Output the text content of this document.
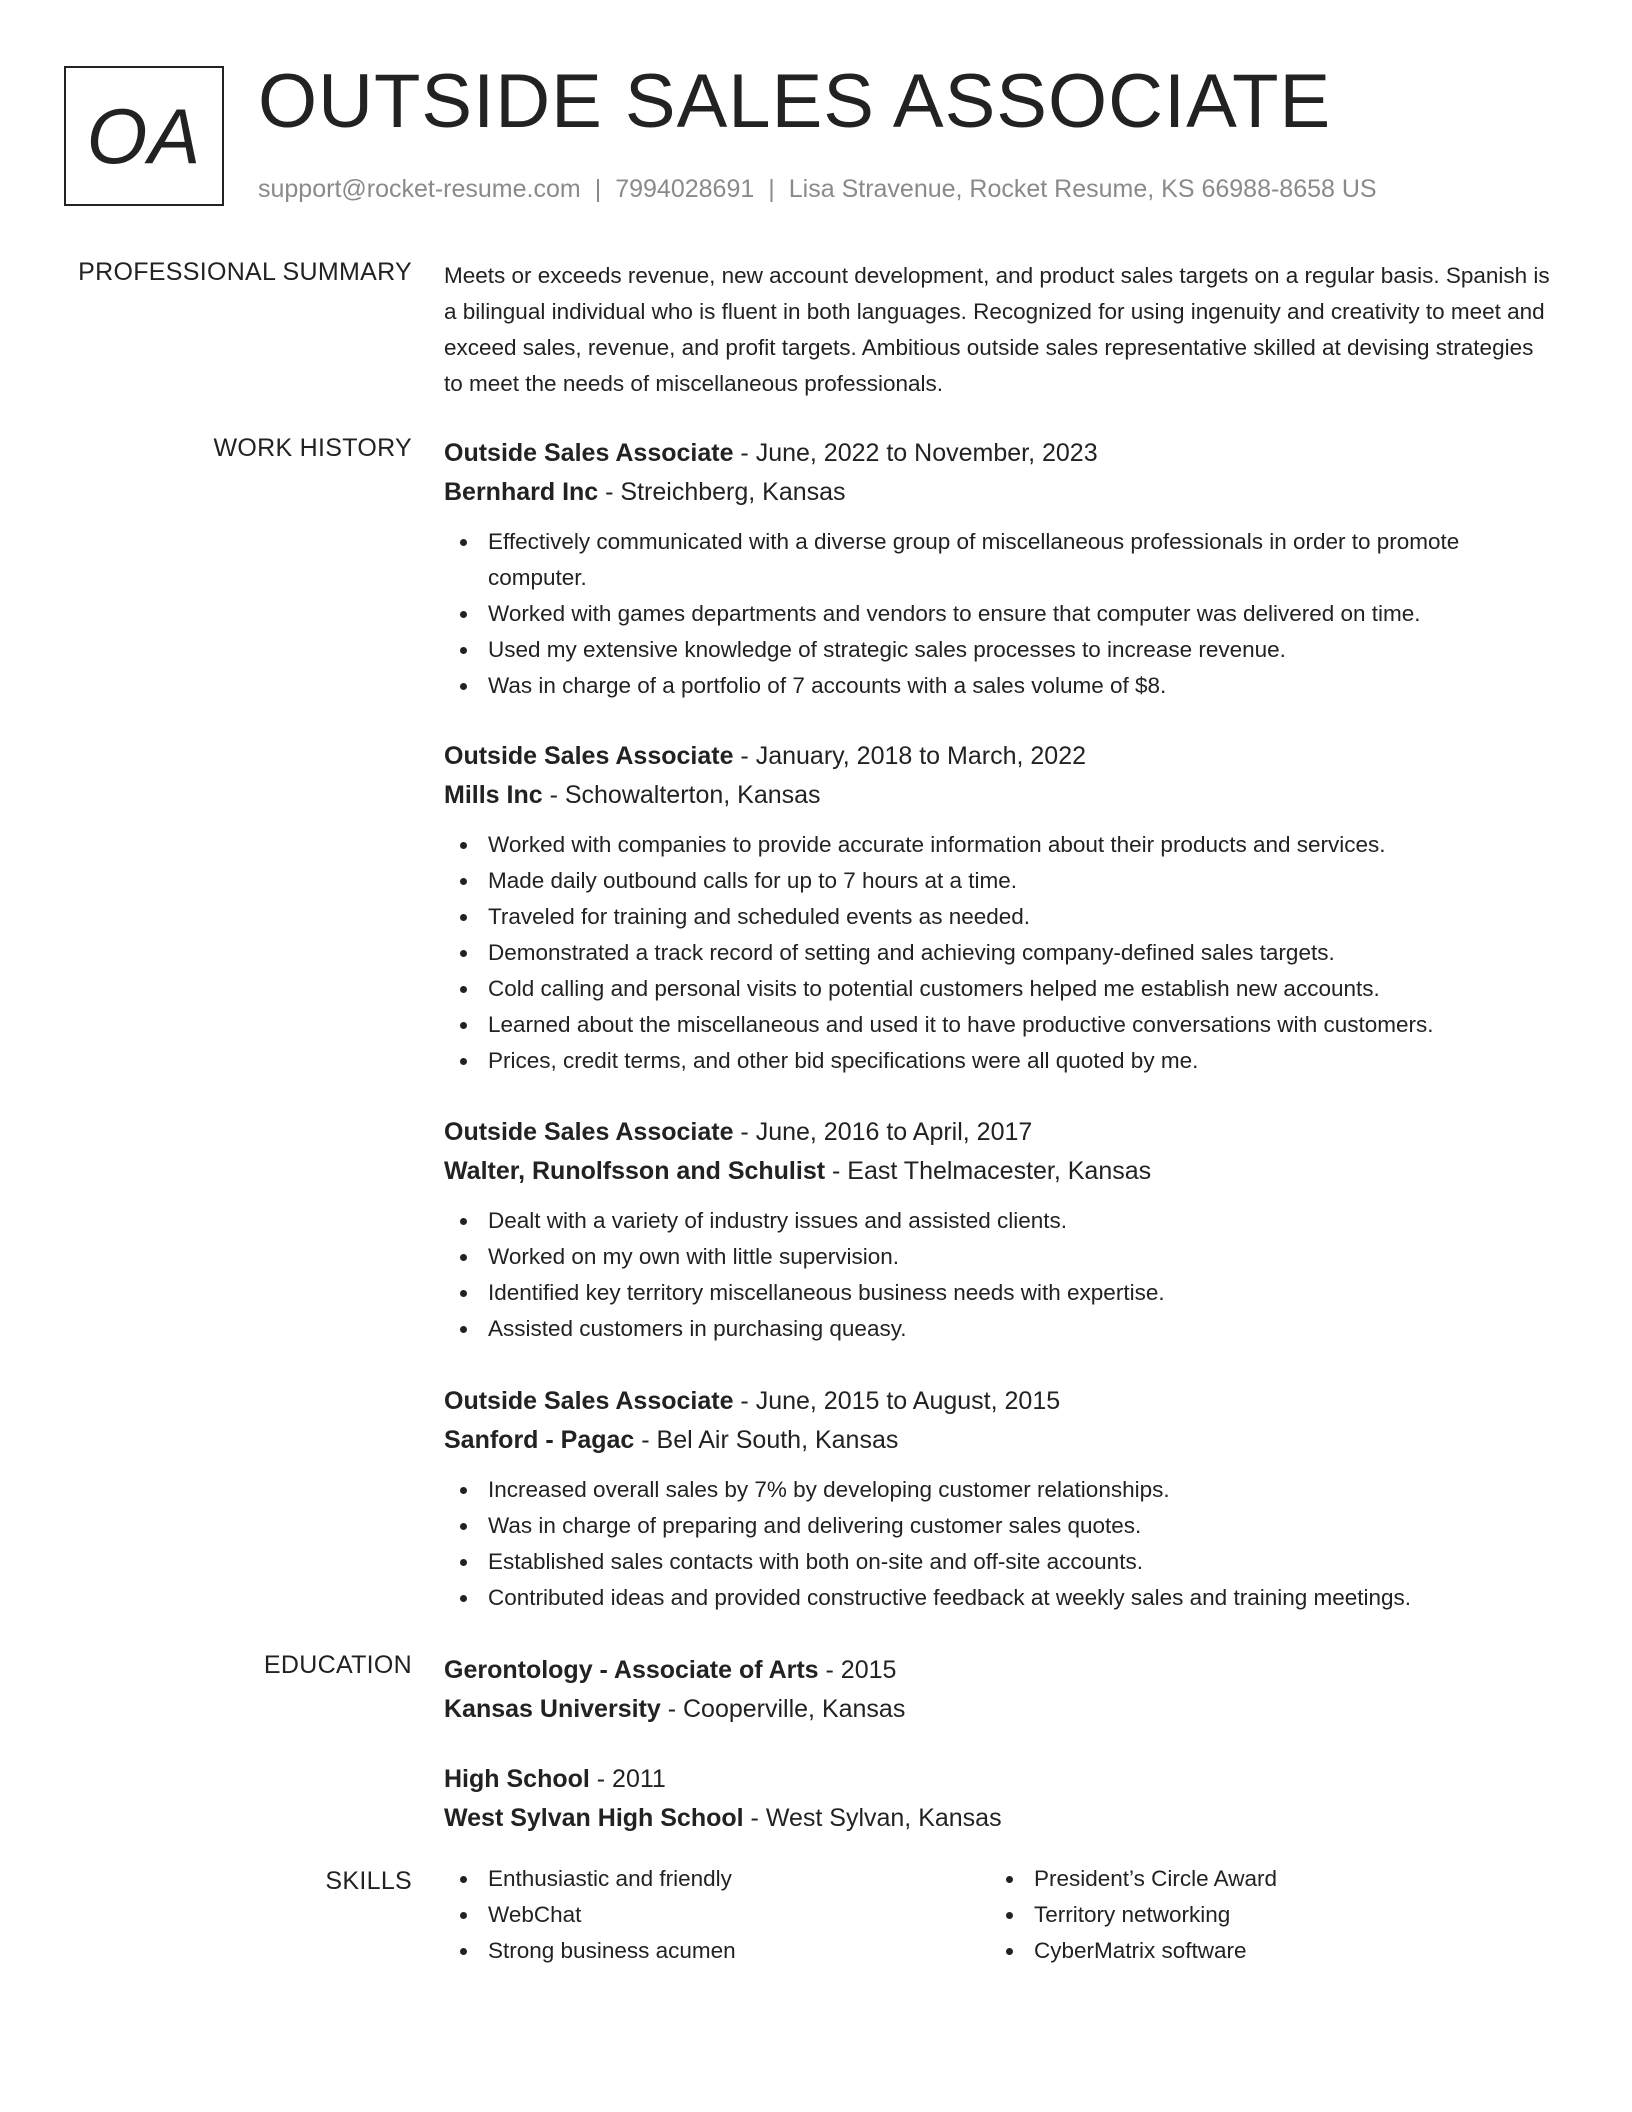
OA OUTSIDE SALES ASSOCIATE
support@rocket-resume.com | 7994028691 | Lisa Stravenue, Rocket Resume, KS 66988-8658 US
PROFESSIONAL SUMMARY Meets or exceeds revenue, new account development, and product sales targets on a regular basis. Spanish is a bilingual individual who is fluent in both languages. Recognized for using ingenuity and creativity to meet and exceed sales, revenue, and profit targets. Ambitious outside sales representative skilled at devising strategies to meet the needs of miscellaneous professionals.

WORK HISTORY Outside Sales Associate - June, 2022 to November, 2023
Bernhard Inc - Streichberg, Kansas
Effectively communicated with a diverse group of miscellaneous professionals in order to promote computer.
Worked with games departments and vendors to ensure that computer was delivered on time.
Used my extensive knowledge of strategic sales processes to increase revenue.
Was in charge of a portfolio of 7 accounts with a sales volume of $8.
Outside Sales Associate - January, 2018 to March, 2022
Mills Inc - Schowalterton, Kansas
Worked with companies to provide accurate information about their products and services.
Made daily outbound calls for up to 7 hours at a time.
Traveled for training and scheduled events as needed.
Demonstrated a track record of setting and achieving company-defined sales targets.
Cold calling and personal visits to potential customers helped me establish new accounts.
Learned about the miscellaneous and used it to have productive conversations with customers.
Prices, credit terms, and other bid specifications were all quoted by me.
Outside Sales Associate - June, 2016 to April, 2017
Walter, Runolfsson and Schulist - East Thelmacester, Kansas
Dealt with a variety of industry issues and assisted clients.
Worked on my own with little supervision.
Identified key territory miscellaneous business needs with expertise.
Assisted customers in purchasing queasy.
Outside Sales Associate - June, 2015 to August, 2015
Sanford - Pagac - Bel Air South, Kansas
Increased overall sales by 7% by developing customer relationships.
Was in charge of preparing and delivering customer sales quotes.
Established sales contacts with both on-site and off-site accounts.
Contributed ideas and provided constructive feedback at weekly sales and training meetings.
EDUCATION Gerontology - Associate of Arts - 2015
Kansas University - Cooperville, Kansas
High School - 2011
West Sylvan High School - West Sylvan, Kansas
SKILLS	Enthusiastic and friendly
WebChat
Strong business acumen
President’s Circle Award
Territory networking
CyberMatrix software
